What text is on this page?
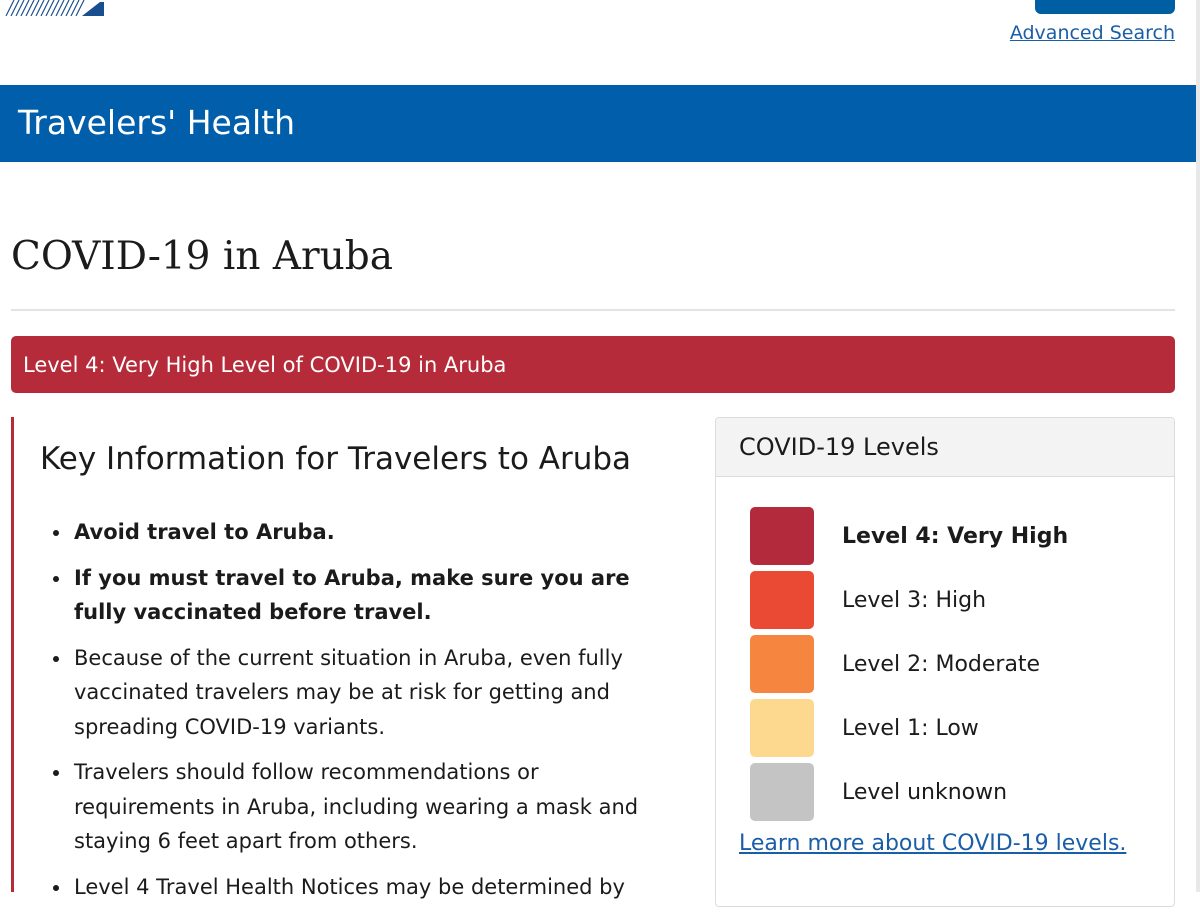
Advanced Search
Travelers' Health
COVID-19 in Aruba
Level 4: Very High Level of COVID-19 in Aruba
Key Information for Travelers to Aruba
• Avoid travel to Aruba.
• If you must travel to Aruba, make sure you are fully vaccinated before travel.
• Because of the current situation in Aruba, even fully vaccinated travelers may be at risk for getting and spreading COVID-19 variants.
• Travelers should follow recommendations or requirements in Aruba, including wearing a mask and staying 6 feet apart from others.
• Level 4 Travel Health Notices may be determined by
COVID-19 Levels
Level 4: Very High
Level 3: High
Level 2: Moderate
Level 1: Low
Level unknown
Learn more about COVID-19 levels.
